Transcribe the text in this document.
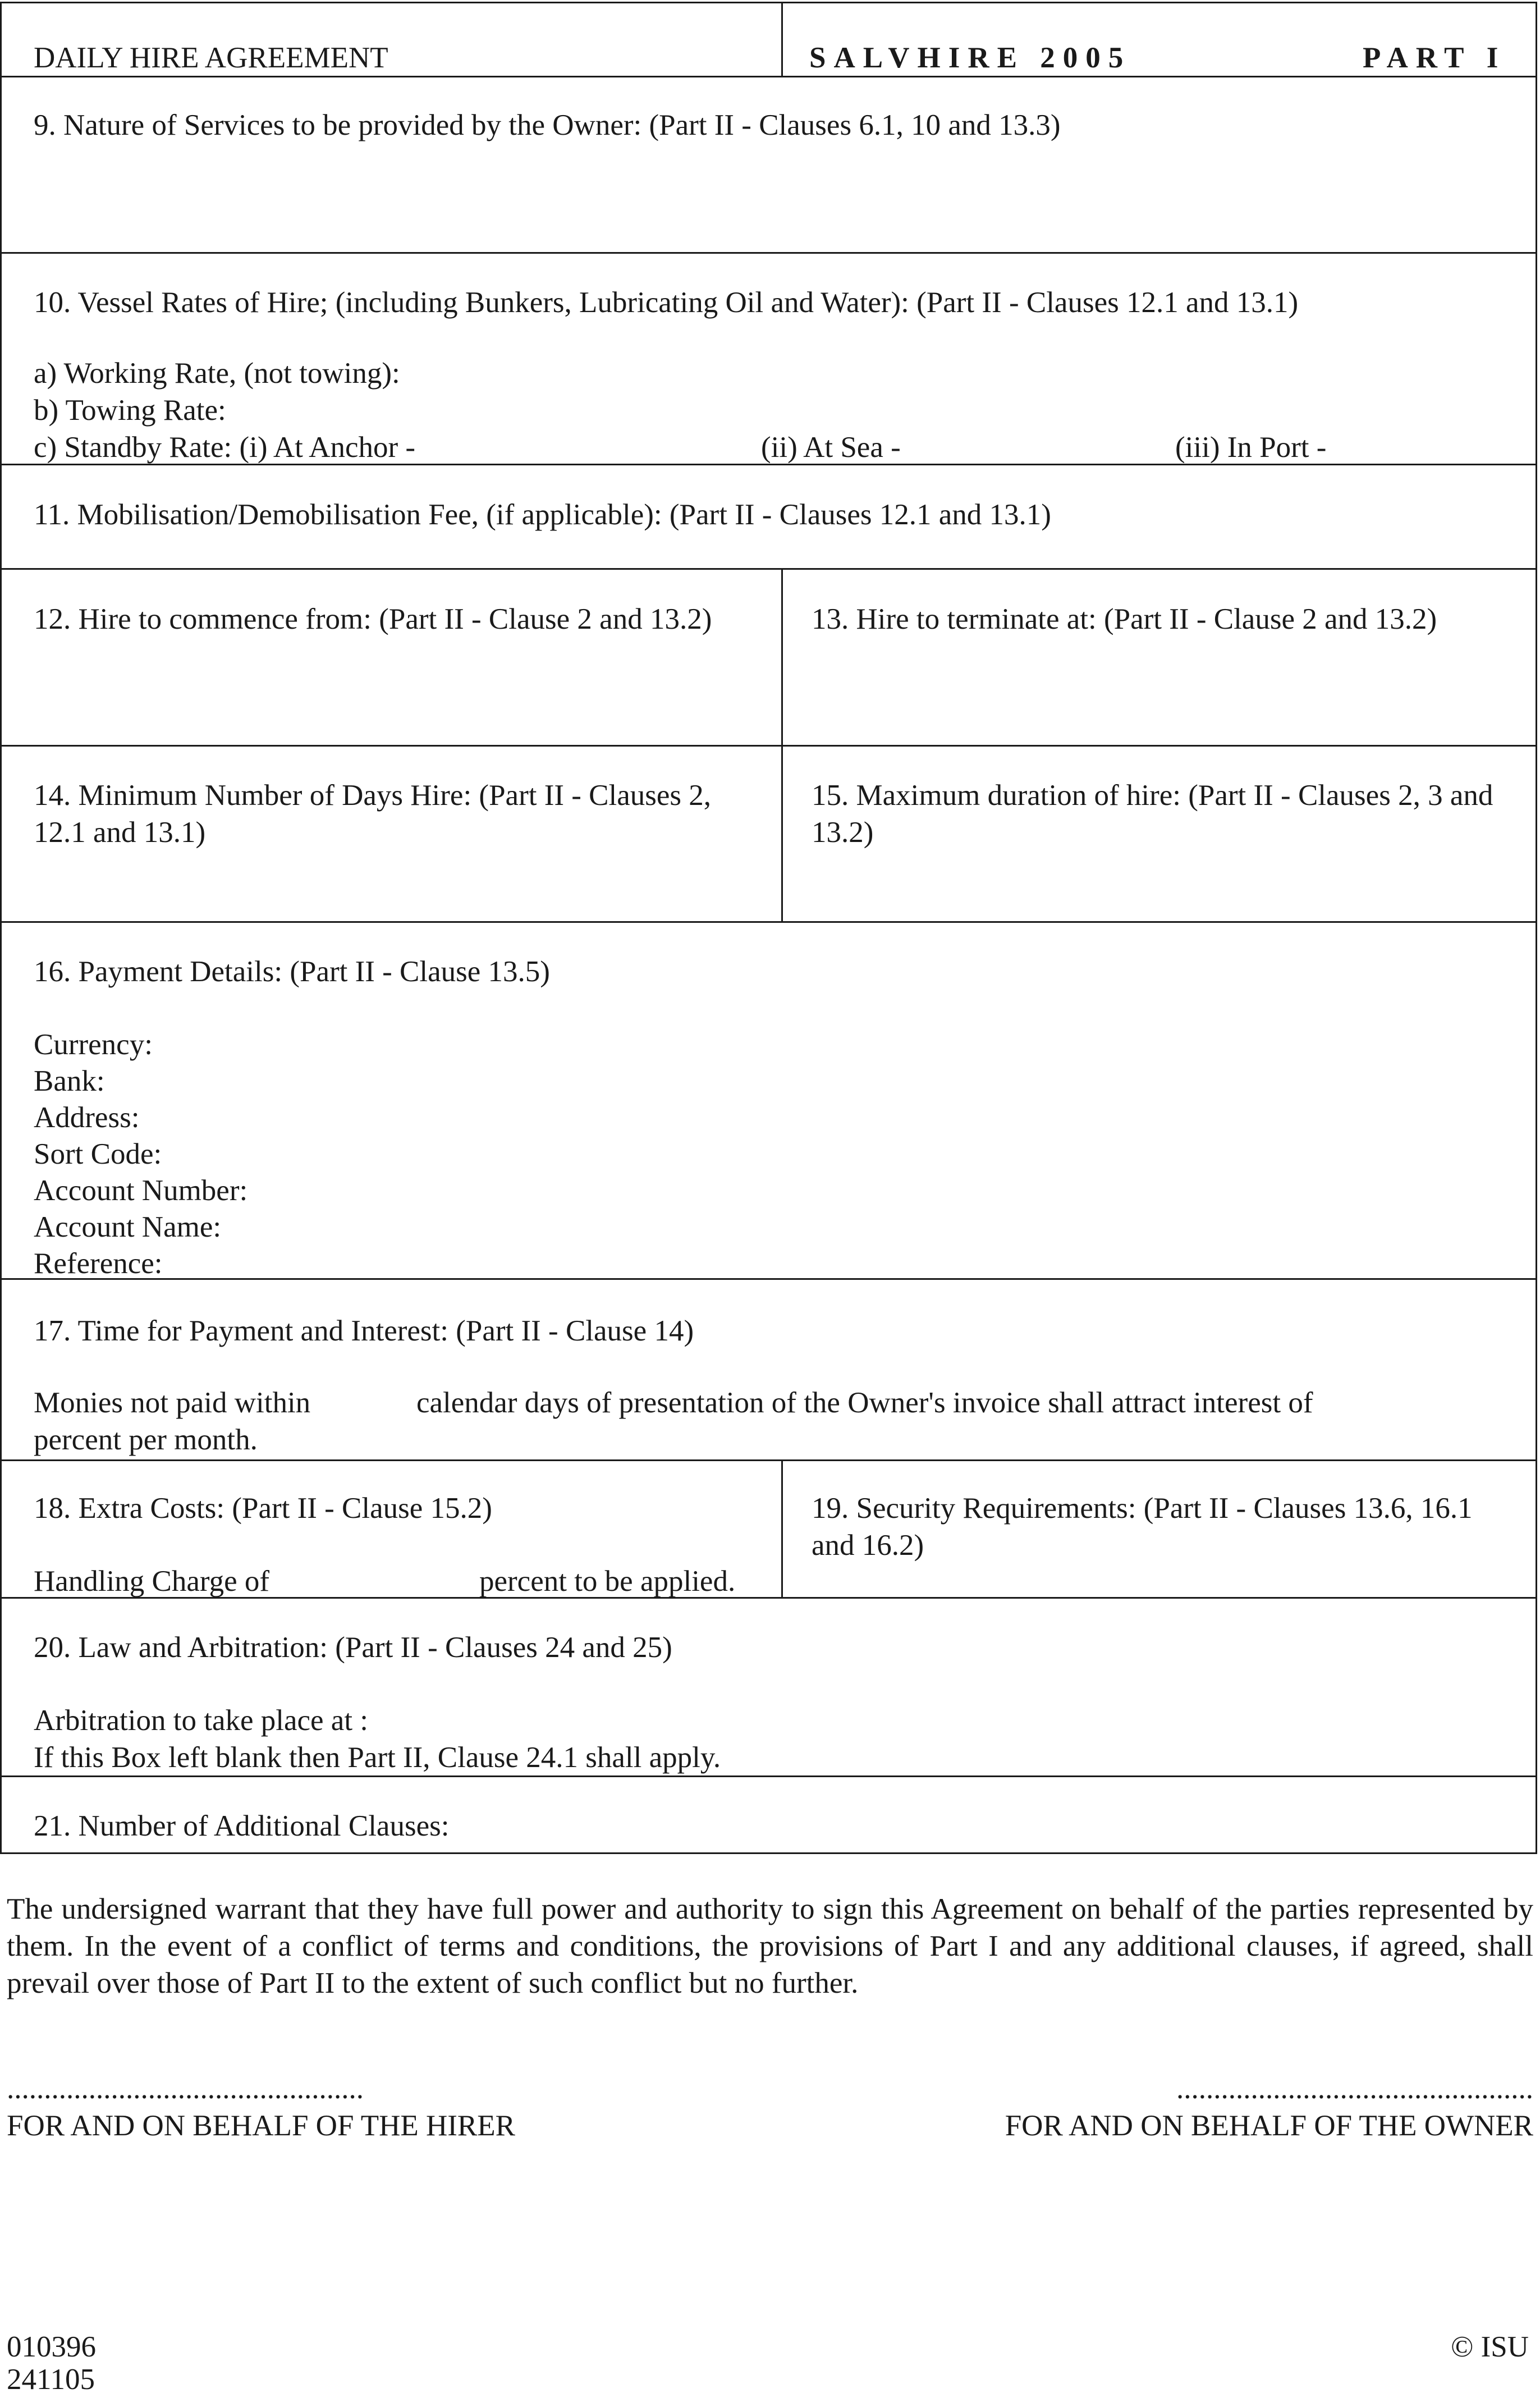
DAILY HIRE AGREEMENT	SALVHIRE 2005	PART I
9. Nature of Services to be provided by the Owner: (Part II - Clauses 6.1, 10 and 13.3)
10. Vessel Rates of Hire; (including Bunkers, Lubricating Oil and Water): (Part II - Clauses 12.1 and 13.1)
a) Working Rate, (not towing):
b) Towing Rate:
c) Standby Rate: (i) At Anchor -	(ii) At Sea -	(iii) In Port -
11. Mobilisation/Demobilisation Fee, (if applicable): (Part II - Clauses 12.1 and 13.1)
12. Hire to commence from: (Part II - Clause 2 and 13.2)	13. Hire to terminate at: (Part II - Clause 2 and 13.2)
14. Minimum Number of Days Hire: (Part II - Clauses 2, 12.1 and 13.1)
15. Maximum duration of hire: (Part II - Clauses 2, 3 and 13.2)
16. Payment Details: (Part II - Clause 13.5)
Currency:
Bank:
Address:
Sort Code:
Account Number:
Account Name:
Reference:
17. Time for Payment and Interest: (Part II - Clause 14)
Monies not paid within	calendar days of presentation of the Owner's invoice shall attract interest of
percent per month.
18. Extra Costs: (Part II - Clause 15.2)
Handling Charge of	percent to be applied.
19. Security Requirements: (Part II - Clauses 13.6, 16.1 and 16.2)
20. Law and Arbitration: (Part II - Clauses 24 and 25)
Arbitration to take place at :
If this Box left blank then Part II, Clause 24.1 shall apply.
21. Number of Additional Clauses:
The undersigned warrant that they have full power and authority to sign this Agreement on behalf of the parties represented by them. In the event of a conflict of terms and conditions, the provisions of Part I and any additional clauses, if agreed, shall prevail over those of Part II to the extent of such conflict but no further.
................................................
FOR AND ON BEHALF OF THE HIRER
................................................
FOR AND ON BEHALF OF THE OWNER
010396
241105
© ISU
